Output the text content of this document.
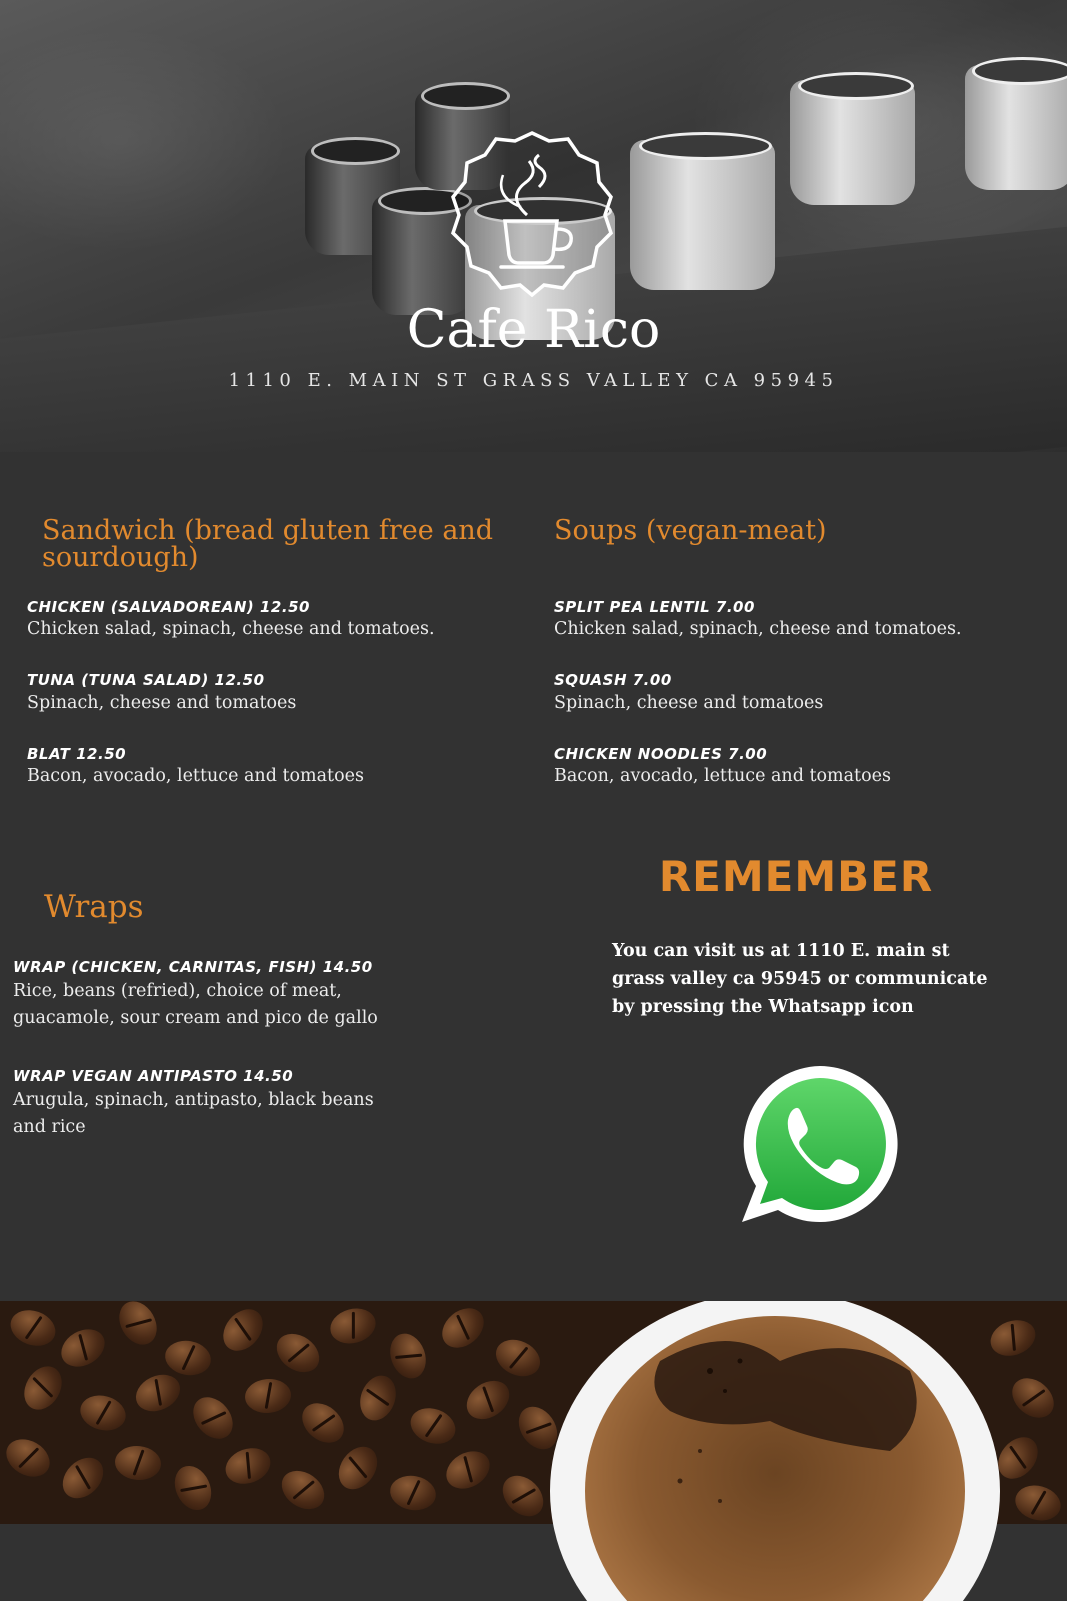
Cafe Rico
1110 E. MAIN ST GRASS VALLEY CA 95945
Sandwich (bread gluten free and
sourdough)
CHICKEN (SALVADOREAN) 12.50
Chicken salad, spinach, cheese and tomatoes.
TUNA (TUNA SALAD) 12.50
Spinach, cheese and tomatoes
BLAT 12.50
Bacon, avocado, lettuce and tomatoes
Soups (vegan-meat)
SPLIT PEA LENTIL 7.00
Chicken salad, spinach, cheese and tomatoes.
SQUASH 7.00
Spinach, cheese and tomatoes
CHICKEN NOODLES 7.00
Bacon, avocado, lettuce and tomatoes
Wraps
WRAP (CHICKEN, CARNITAS, FISH) 14.50
Rice, beans (refried), choice of meat,
guacamole, sour cream and pico de gallo
WRAP VEGAN ANTIPASTO 14.50
Arugula, spinach, antipasto, black beans
and rice
REMEMBER
You can visit us at 1110 E. main st
grass valley ca 95945 or communicate
by pressing the Whatsapp icon
